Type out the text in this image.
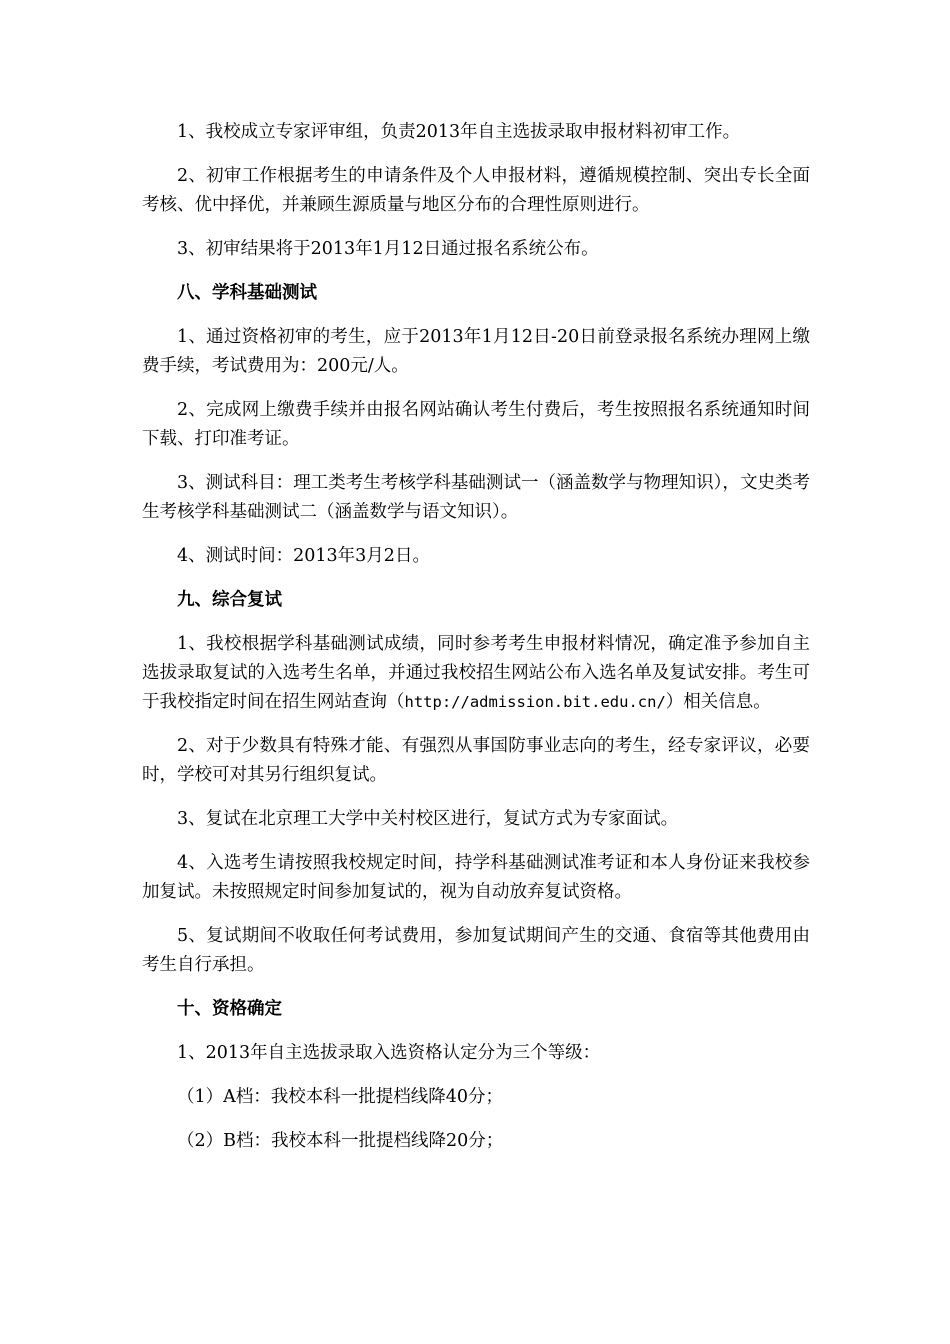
1、我校成立专家评审组，负责2013年自主选拔录取申报材料初审工作。

2、初审工作根据考生的申请条件及个人申报材料，遵循规模控制、突出专长全面考核、优中择优，并兼顾生源质量与地区分布的合理性原则进行。

3、初审结果将于2013年1月12日通过报名系统公布。

八、学科基础测试

1、通过资格初审的考生，应于2013年1月12日-20日前登录报名系统办理网上缴费手续，考试费用为：200元/人。

2、完成网上缴费手续并由报名网站确认考生付费后，考生按照报名系统通知时间下载、打印准考证。

3、测试科目：理工类考生考核学科基础测试一（涵盖数学与物理知识），文史类考生考核学科基础测试二（涵盖数学与语文知识）。

4、测试时间：2013年3月2日。

九、综合复试

1、我校根据学科基础测试成绩，同时参考考生申报材料情况，确定准予参加自主选拔录取复试的入选考生名单，并通过我校招生网站公布入选名单及复试安排。考生可于我校指定时间在招生网站查询（http://admission.bit.edu.cn/）相关信息。

2、对于少数具有特殊才能、有强烈从事国防事业志向的考生，经专家评议，必要时，学校可对其另行组织复试。

3、复试在北京理工大学中关村校区进行，复试方式为专家面试。

4、入选考生请按照我校规定时间，持学科基础测试准考证和本人身份证来我校参加复试。未按照规定时间参加复试的，视为自动放弃复试资格。

5、复试期间不收取任何考试费用，参加复试期间产生的交通、食宿等其他费用由考生自行承担。

十、资格确定

1、2013年自主选拔录取入选资格认定分为三个等级：

（1）A档：我校本科一批提档线降40分；

（2）B档：我校本科一批提档线降20分；
